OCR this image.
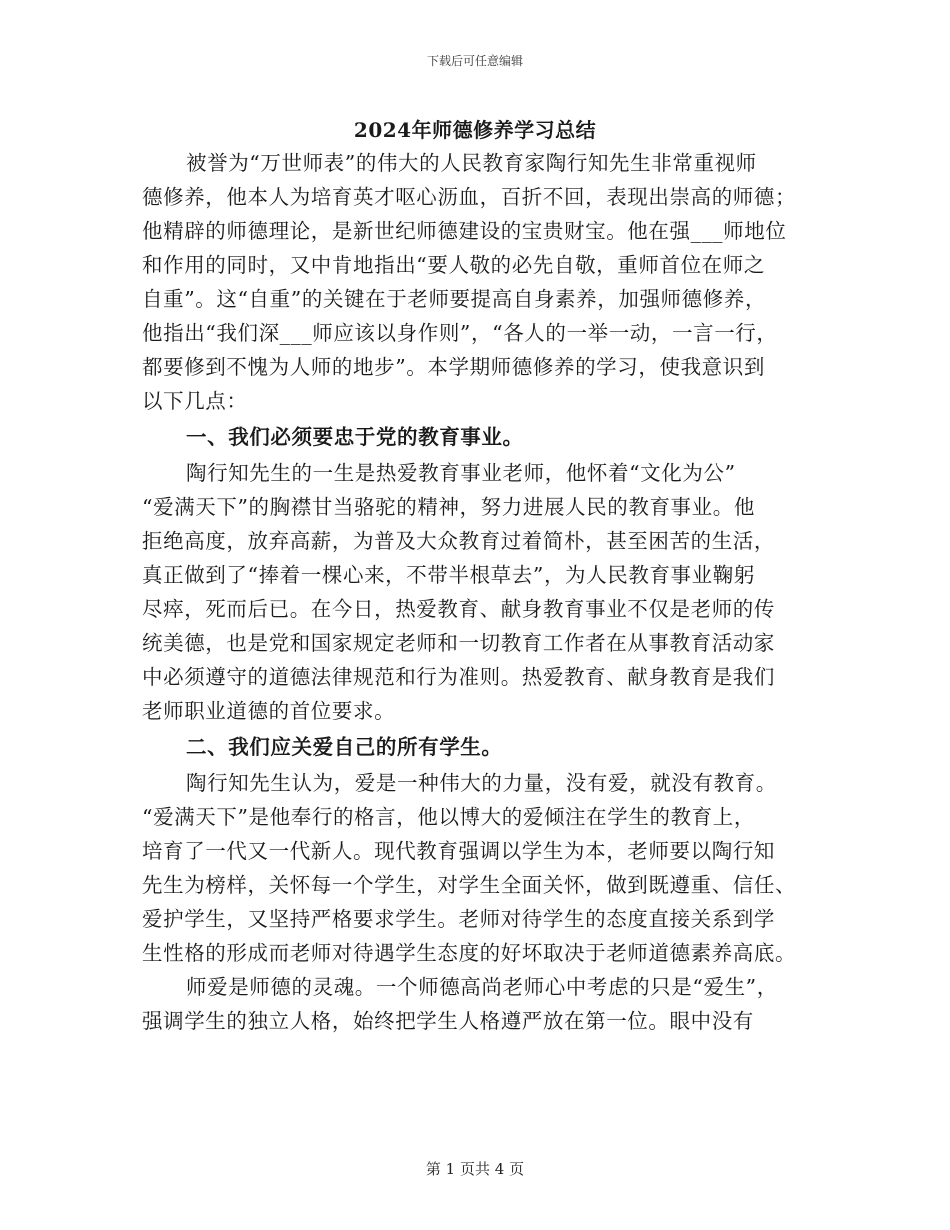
下载后可任意编辑
2024年师德修养学习总结
被誉为“万世师表”的伟大的人民教育家陶行知先生非常重视师
德修养，他本人为培育英才呕心沥血，百折不回，表现出崇高的师德；
他精辟的师德理论，是新世纪师德建设的宝贵财宝。他在强___师地位
和作用的同时，又中肯地指出“要人敬的必先自敬，重师首位在师之
自重”。这“自重”的关键在于老师要提高自身素养，加强师德修养，
他指出“我们深___师应该以身作则”，“各人的一举一动，一言一行，
都要修到不愧为人师的地步”。本学期师德修养的学习，使我意识到
以下几点：
一、我们必须要忠于党的教育事业。
陶行知先生的一生是热爱教育事业老师，他怀着“文化为公”
“爱满天下”的胸襟甘当骆驼的精神，努力进展人民的教育事业。他
拒绝高度，放弃高薪，为普及大众教育过着简朴，甚至困苦的生活，
真正做到了“捧着一棵心来，不带半根草去”，为人民教育事业鞠躬
尽瘁，死而后已。在今日，热爱教育、献身教育事业不仅是老师的传
统美德，也是党和国家规定老师和一切教育工作者在从事教育活动家
中必须遵守的道德法律规范和行为准则。热爱教育、献身教育是我们
老师职业道德的首位要求。
二、我们应关爱自己的所有学生。
陶行知先生认为，爱是一种伟大的力量，没有爱，就没有教育。
“爱满天下”是他奉行的格言，他以博大的爱倾注在学生的教育上，
培育了一代又一代新人。现代教育强调以学生为本，老师要以陶行知
先生为榜样，关怀每一个学生，对学生全面关怀，做到既遵重、信任、
爱护学生，又坚持严格要求学生。老师对待学生的态度直接关系到学
生性格的形成而老师对待遇学生态度的好坏取决于老师道德素养高底。
师爱是师德的灵魂。一个师德高尚老师心中考虑的只是“爱生”，
强调学生的独立人格，始终把学生人格遵严放在第一位。眼中没有
第 1 页共 4 页
